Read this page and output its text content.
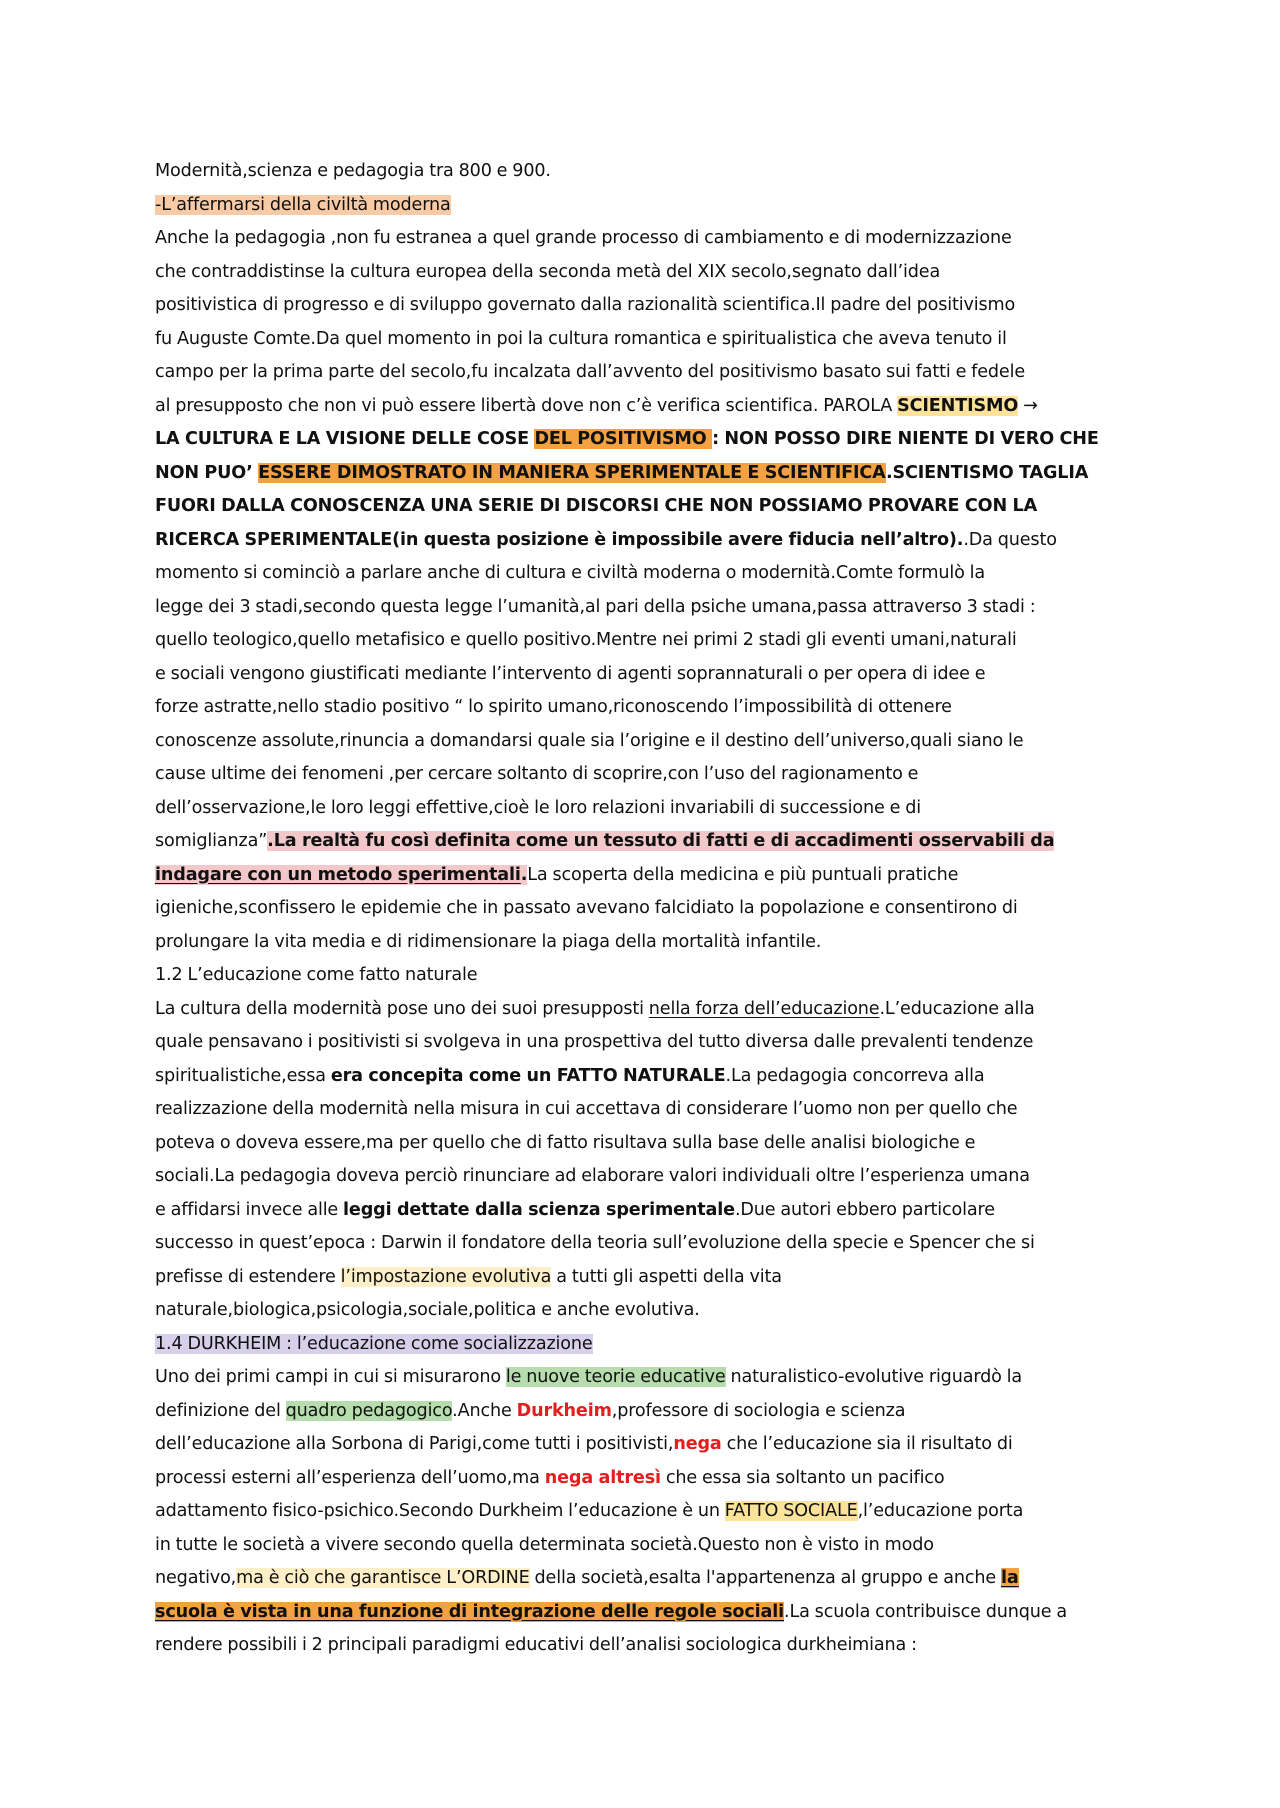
Modernità,scienza e pedagogia tra 800 e 900.
-L’affermarsi della civiltà moderna
Anche la pedagogia ,non fu estranea a quel grande processo di cambiamento e di modernizzazione
che contraddistinse la cultura europea della seconda metà del XIX secolo,segnato dall’idea
positivistica di progresso e di sviluppo governato dalla razionalità scientifica.Il padre del positivismo
fu Auguste Comte.Da quel momento in poi la cultura romantica e spiritualistica che aveva tenuto il
campo per la prima parte del secolo,fu incalzata dall’avvento del positivismo basato sui fatti e fedele
al presupposto che non vi può essere libertà dove non c’è verifica scientifica. PAROLA SCIENTISMO →
LA CULTURA E LA VISIONE DELLE COSE DEL POSITIVISMO : NON POSSO DIRE NIENTE DI VERO CHE
NON PUO’ ESSERE DIMOSTRATO IN MANIERA SPERIMENTALE E SCIENTIFICA.SCIENTISMO TAGLIA
FUORI DALLA CONOSCENZA UNA SERIE DI DISCORSI CHE NON POSSIAMO PROVARE CON LA
RICERCA SPERIMENTALE(in questa posizione è impossibile avere fiducia nell’altro)..Da questo
momento si cominciò a parlare anche di cultura e civiltà moderna o modernità.Comte formulò la
legge dei 3 stadi,secondo questa legge l’umanità,al pari della psiche umana,passa attraverso 3 stadi :
quello teologico,quello metafisico e quello positivo.Mentre nei primi 2 stadi gli eventi umani,naturali
e sociali vengono giustificati mediante l’intervento di agenti soprannaturali o per opera di idee e
forze astratte,nello stadio positivo “ lo spirito umano,riconoscendo l’impossibilità di ottenere
conoscenze assolute,rinuncia a domandarsi quale sia l’origine e il destino dell’universo,quali siano le
cause ultime dei fenomeni ,per cercare soltanto di scoprire,con l’uso del ragionamento e
dell’osservazione,le loro leggi effettive,cioè le loro relazioni invariabili di successione e di
somiglianza”.La realtà fu così definita come un tessuto di fatti e di accadimenti osservabili da
indagare con un metodo sperimentali.La scoperta della medicina e più puntuali pratiche
igieniche,sconfissero le epidemie che in passato avevano falcidiato la popolazione e consentirono di
prolungare la vita media e di ridimensionare la piaga della mortalità infantile.
1.2 L’educazione come fatto naturale
La cultura della modernità pose uno dei suoi presupposti nella forza dell’educazione.L’educazione alla
quale pensavano i positivisti si svolgeva in una prospettiva del tutto diversa dalle prevalenti tendenze
spiritualistiche,essa era concepita come un FATTO NATURALE.La pedagogia concorreva alla
realizzazione della modernità nella misura in cui accettava di considerare l’uomo non per quello che
poteva o doveva essere,ma per quello che di fatto risultava sulla base delle analisi biologiche e
sociali.La pedagogia doveva perciò rinunciare ad elaborare valori individuali oltre l’esperienza umana
e affidarsi invece alle leggi dettate dalla scienza sperimentale.Due autori ebbero particolare
successo in quest’epoca : Darwin il fondatore della teoria sull’evoluzione della specie e Spencer che si
prefisse di estendere l’impostazione evolutiva a tutti gli aspetti della vita
naturale,biologica,psicologia,sociale,politica e anche evolutiva.
1.4 DURKHEIM : l’educazione come socializzazione
Uno dei primi campi in cui si misurarono le nuove teorie educative naturalistico-evolutive riguardò la
definizione del quadro pedagogico.Anche Durkheim,professore di sociologia e scienza
dell’educazione alla Sorbona di Parigi,come tutti i positivisti,nega che l’educazione sia il risultato di
processi esterni all’esperienza dell’uomo,ma nega altresì che essa sia soltanto un pacifico
adattamento fisico-psichico.Secondo Durkheim l’educazione è un FATTO SOCIALE,l’educazione porta
in tutte le società a vivere secondo quella determinata società.Questo non è visto in modo
negativo,ma è ciò che garantisce L’ORDINE della società,esalta l'appartenenza al gruppo e anche la
scuola è vista in una funzione di integrazione delle regole sociali.La scuola contribuisce dunque a
rendere possibili i 2 principali paradigmi educativi dell’analisi sociologica durkheimiana :
